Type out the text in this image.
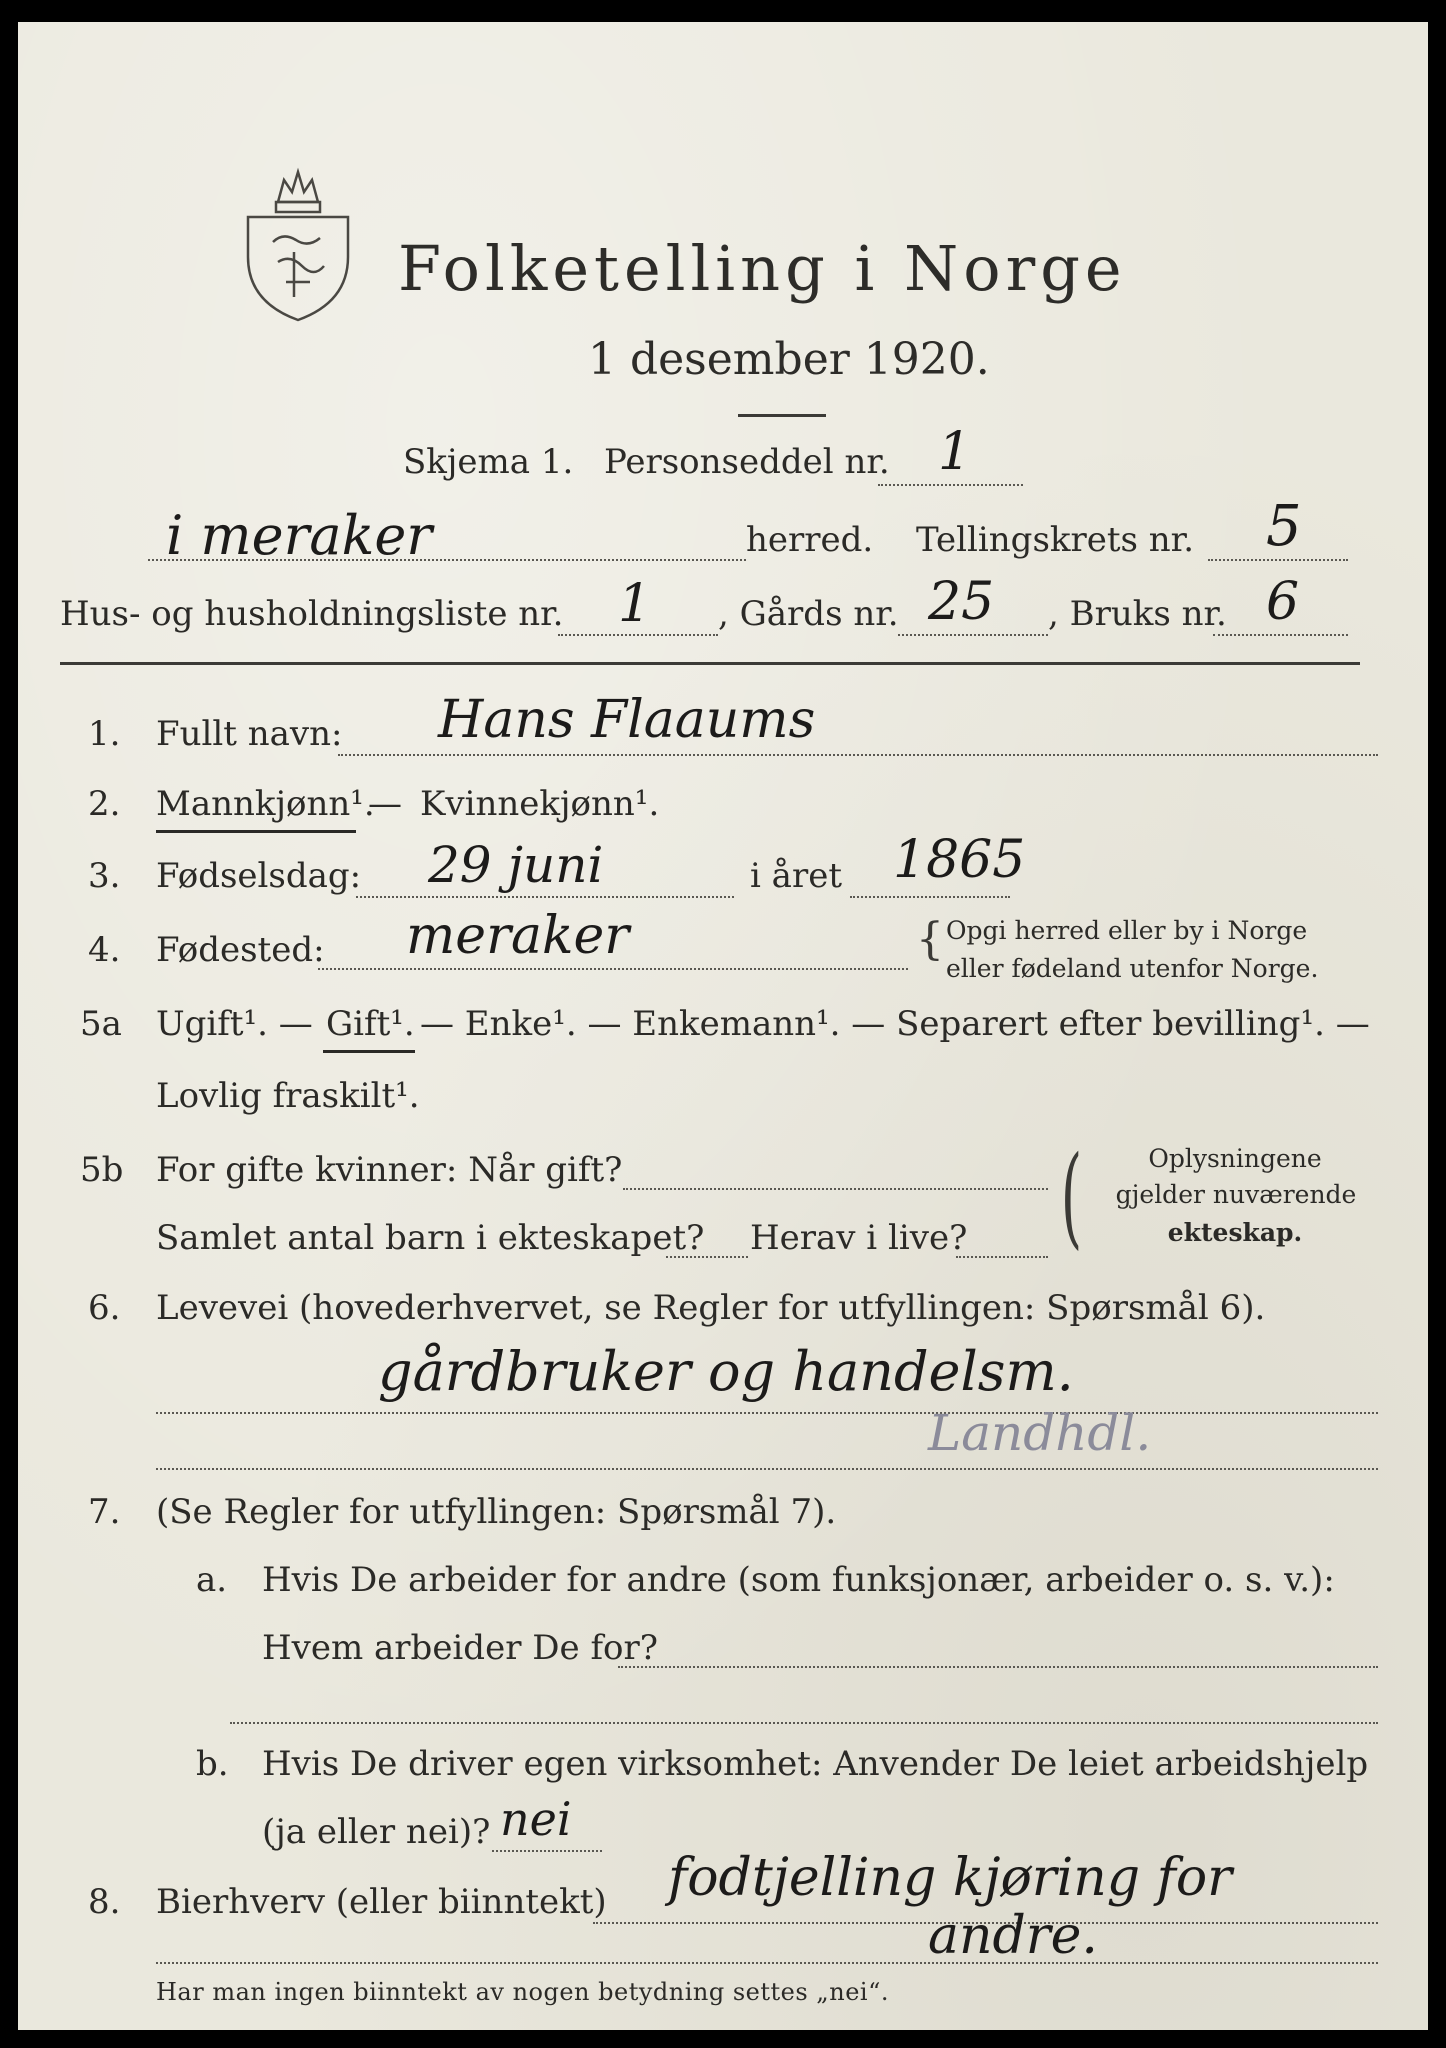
Folketelling i Norge
1 desember 1920.
Skjema 1. Personseddel nr. 1
i meraker	herred. Tellingskrets nr. 5
Hus- og husholdningsliste nr. 1 , Gårds nr. 25 , Bruks nr. 6
1. Fullt navn: Hans Flaaums
2. Mannkjønn¹.
— Kvinnekjønn¹.
3. Fødselsdag: 29 juni	i året 1865
4. Fødested: meraker	{ Opgi herred eller by i Norge
eller fødeland utenfor Norge.
5a Ugift¹. — Gift¹. — Enke¹. — Enkemann¹. — Separert efter bevilling¹. —
Lovlig fraskilt¹.
5b For gifte kvinner: Når gift?
Samlet antal barn i ekteskapet? Herav i live? (	Oplysningene
gjelder nuværende
ekteskap.
6. Levevei (hovederhvervet, se Regler for utfyllingen: Spørsmål 6).
gårdbruker og handelsm.
Landhdl.
7. (Se Regler for utfyllingen: Spørsmål 7).
a. Hvis De arbeider for andre (som funksjonær, arbeider o. s. v.):
Hvem arbeider De for?
b. Hvis De driver egen virksomhet: Anvender De leiet arbeidshjelp
(ja eller nei)? nei
8. Bierhverv (eller biinntekt) fodtjelling kjøring for
andre.
Har man ingen biinntekt av nogen betydning settes „nei“.
